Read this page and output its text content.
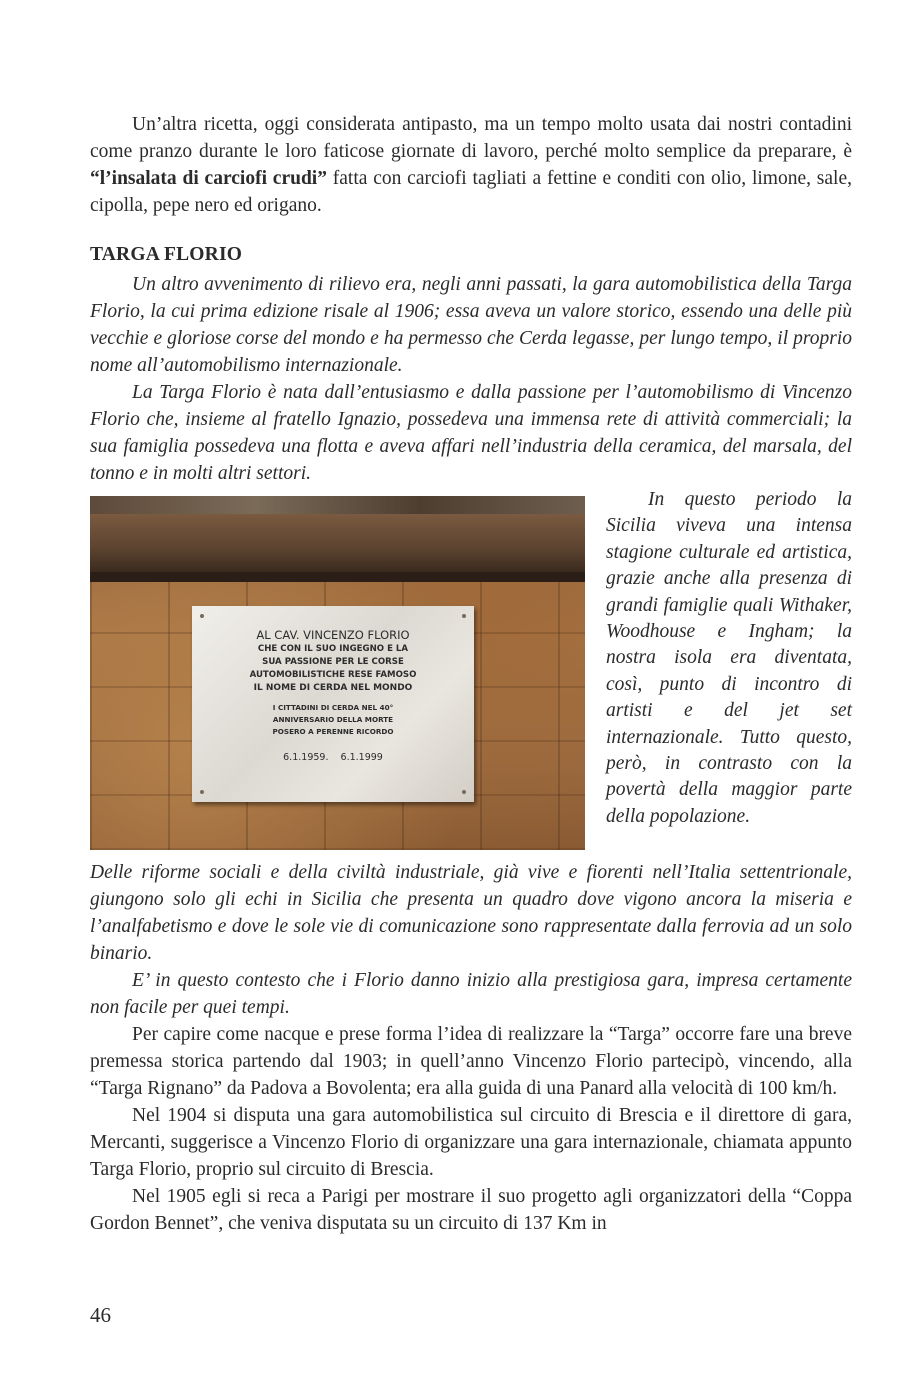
Un’altra ricetta, oggi considerata antipasto, ma un tempo molto usata dai nostri contadini come pranzo durante le loro faticose giornate di lavoro, perché molto semplice da preparare, è “l’insalata di carciofi crudi” fatta con carciofi tagliati a fettine e conditi con olio, limone, sale, cipolla, pepe nero ed origano.

TARGA FLORIO

Un altro avvenimento di rilievo era, negli anni passati, la gara automobilistica della Targa Florio, la cui prima edizione risale al 1906; essa aveva un valore storico, essendo una delle più vecchie e gloriose corse del mondo e ha permesso che Cerda legasse, per lungo tempo, il proprio nome all’automobilismo internazionale.

La Targa Florio è nata dall’entusiasmo e dalla passione per l’automobilismo di Vincenzo Florio che, insieme al fratello Ignazio, possedeva una immensa rete di attività commerciali; la sua famiglia possedeva una flotta e aveva affari nell’industria della ceramica, del marsala, del tonno e in molti altri settori.

AL CAV. VINCENZO FLORIO
CHE CON IL SUO INGEGNO E LA
SUA PASSIONE PER LE CORSE
AUTOMOBILISTICHE RESE FAMOSO
IL NOME DI CERDA NEL MONDO
I CITTADINI DI CERDA NEL 40°
ANNIVERSARIO DELLA MORTE
POSERO A PERENNE RICORDO
6.1.1959.    6.1.1999

In questo periodo la Sicilia viveva una intensa stagione culturale ed artistica, grazie anche alla presenza di grandi famiglie quali Withaker, Woodhouse e Ingham; la nostra isola era diventata, così, punto di incontro di artisti e del jet set internazionale. Tutto questo, però, in contrasto con la povertà della maggior parte della popolazione.

Delle riforme sociali e della civiltà industriale, già vive e fiorenti nell’Italia settentrionale, giungono solo gli echi in Sicilia che presenta un quadro dove vigono ancora la miseria e l’analfabetismo e dove le sole vie di comunicazione sono rappresentate dalla ferrovia ad un solo binario.

E’ in questo contesto che i Florio danno inizio alla prestigiosa gara, impresa certamente non facile per quei tempi.

Per capire come nacque e prese forma l’idea di realizzare la “Targa” occorre fare una breve premessa storica partendo dal 1903; in quell’anno Vincenzo Florio partecipò, vincendo, alla “Targa Rignano” da Padova a Bovolenta; era alla guida di una Panard alla velocità di 100 km/h.

Nel 1904 si disputa una gara automobilistica sul circuito di Brescia e il direttore di gara, Mercanti, suggerisce a Vincenzo Florio di organizzare una gara internazionale, chiamata appunto Targa Florio, proprio sul circuito di Brescia.

Nel 1905 egli si reca a Parigi per mostrare il suo progetto agli organizzatori della “Coppa Gordon Bennet”, che veniva disputata su un circuito di 137 Km in

46
